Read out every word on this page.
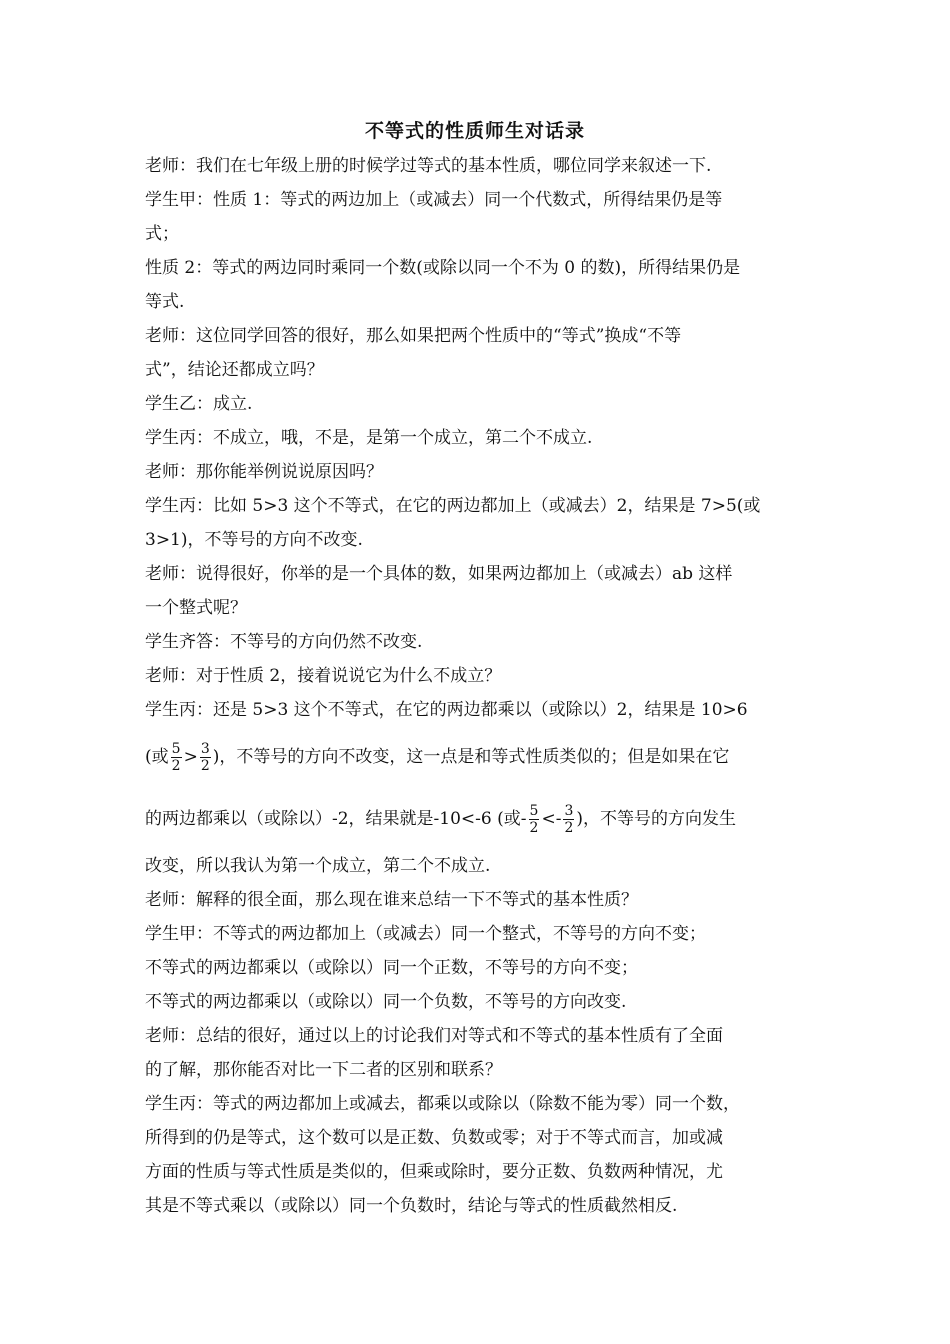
不等式的性质师生对话录
老师：我们在七年级上册的时候学过等式的基本性质，哪位同学来叙述一下.
学生甲：性质 1：等式的两边加上（或减去）同一个代数式，所得结果仍是等
式；
性质 2：等式的两边同时乘同一个数(或除以同一个不为 0 的数)，所得结果仍是
等式.
老师：这位同学回答的很好，那么如果把两个性质中的“等式”换成“不等
式”，结论还都成立吗？
学生乙：成立.
学生丙：不成立，哦，不是，是第一个成立，第二个不成立.
老师：那你能举例说说原因吗？
学生丙：比如 5>3 这个不等式，在它的两边都加上（或减去）2，结果是 7>5(或
3>1)，不等号的方向不改变.
老师：说得很好，你举的是一个具体的数，如果两边都加上（或减去）ab 这样
一个整式呢？
学生齐答：不等号的方向仍然不改变.
老师：对于性质 2，接着说说它为什么不成立？
学生丙：还是 5>3 这个不等式，在它的两边都乘以（或除以）2，结果是 10>6
(或 $\frac{5}{2} > \frac{3}{2}$ )，不等号的方向不改变，这一点是和等式性质类似的；但是如果在它
的两边都乘以（或除以）-2，结果就是-10<-6 (或- $\frac{5}{2} <- \frac{3}{2}$ )，不等号的方向发生
改变，所以我认为第一个成立，第二个不成立.
老师：解释的很全面，那么现在谁来总结一下不等式的基本性质？
学生甲：不等式的两边都加上（或减去）同一个整式，不等号的方向不变；
不等式的两边都乘以（或除以）同一个正数，不等号的方向不变；
不等式的两边都乘以（或除以）同一个负数，不等号的方向改变.
老师：总结的很好，通过以上的讨论我们对等式和不等式的基本性质有了全面
的了解，那你能否对比一下二者的区别和联系？
学生丙：等式的两边都加上或减去，都乘以或除以（除数不能为零）同一个数，
所得到的仍是等式，这个数可以是正数、负数或零；对于不等式而言，加或减
方面的性质与等式性质是类似的，但乘或除时，要分正数、负数两种情况，尤
其是不等式乘以（或除以）同一个负数时，结论与等式的性质截然相反.
